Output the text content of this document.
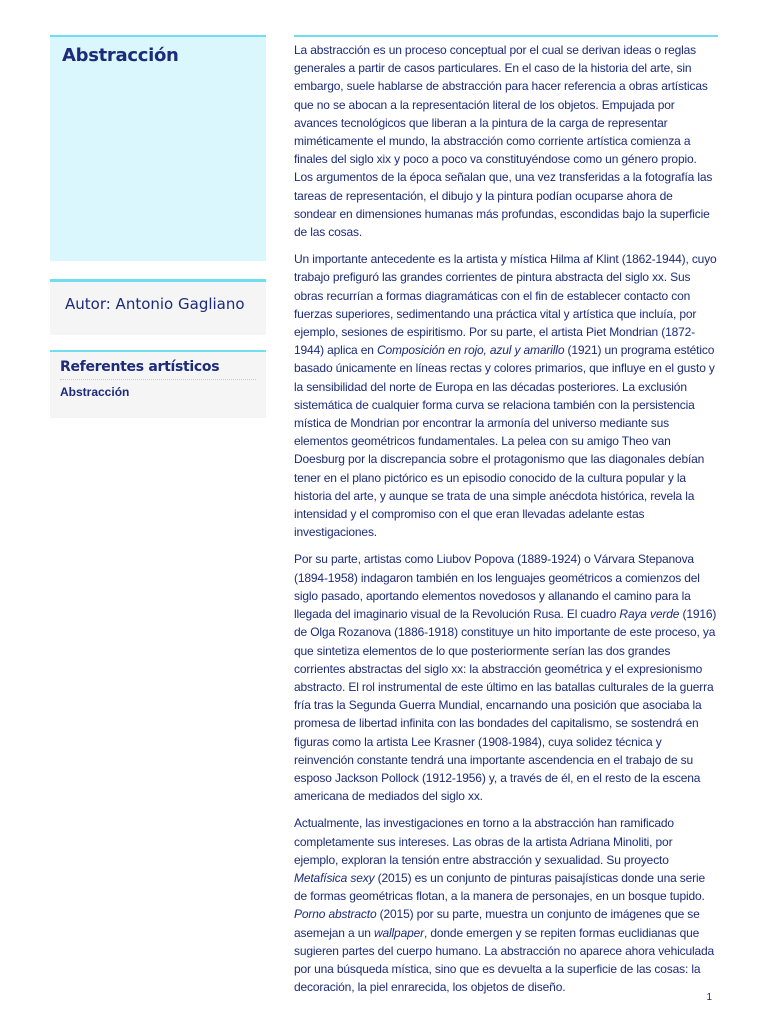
Abstracción
Autor: Antonio Gagliano
Referentes artísticos
Abstracción

La abstracción es un proceso conceptual por el cual se derivan ideas o reglas generales a partir de casos particulares. En el caso de la historia del arte, sin embargo, suele hablarse de abstracción para hacer referencia a obras artísticas que no se abocan a la representación literal de los objetos. Empujada por avances tecnológicos que liberan a la pintura de la carga de representar miméticamente el mundo, la abstracción como corriente artística comienza a finales del siglo xix y poco a poco va constituyéndose como un género propio. Los argumentos de la época señalan que, una vez transferidas a la fotografía las tareas de representación, el dibujo y la pintura podían ocuparse ahora de sondear en dimensiones humanas más profundas, escondidas bajo la superficie de las cosas.

Un importante antecedente es la artista y mística Hilma af Klint (1862-1944), cuyo trabajo prefiguró las grandes corrientes de pintura abstracta del siglo xx. Sus obras recurrían a formas diagramáticas con el fin de establecer contacto con fuerzas superiores, sedimentando una práctica vital y artística que incluía, por ejemplo, sesiones de espiritismo. Por su parte, el artista Piet Mondrian (1872-1944) aplica en Composición en rojo, azul y amarillo (1921) un programa estético basado únicamente en líneas rectas y colores primarios, que influye en el gusto y la sensibilidad del norte de Europa en las décadas posteriores. La exclusión sistemática de cualquier forma curva se relaciona también con la persistencia mística de Mondrian por encontrar la armonía del universo mediante sus elementos geométricos fundamentales. La pelea con su amigo Theo van Doesburg por la discrepancia sobre el protagonismo que las diagonales debían tener en el plano pictórico es un episodio conocido de la cultura popular y la historia del arte, y aunque se trata de una simple anécdota histórica, revela la intensidad y el compromiso con el que eran llevadas adelante estas investigaciones.

Por su parte, artistas como Liubov Popova (1889-1924) o Várvara Stepanova (1894-1958) indagaron también en los lenguajes geométricos a comienzos del siglo pasado, aportando elementos novedosos y allanando el camino para la llegada del imaginario visual de la Revolución Rusa. El cuadro Raya verde (1916) de Olga Rozanova (1886-1918) constituye un hito importante de este proceso, ya que sintetiza elementos de lo que posteriormente serían las dos grandes corrientes abstractas del siglo xx: la abstracción geométrica y el expresionismo abstracto. El rol instrumental de este último en las batallas culturales de la guerra fría tras la Segunda Guerra Mundial, encarnando una posición que asociaba la promesa de libertad infinita con las bondades del capitalismo, se sostendrá en figuras como la artista Lee Krasner (1908-1984), cuya solidez técnica y reinvención constante tendrá una importante ascendencia en el trabajo de su esposo Jackson Pollock (1912-1956) y, a través de él, en el resto de la escena americana de mediados del siglo xx.

Actualmente, las investigaciones en torno a la abstracción han ramificado completamente sus intereses. Las obras de la artista Adriana Minoliti, por ejemplo, exploran la tensión entre abstracción y sexualidad. Su proyecto Metafísica sexy (2015) es un conjunto de pinturas paisajísticas donde una serie de formas geométricas flotan, a la manera de personajes, en un bosque tupido. Porno abstracto (2015) por su parte, muestra un conjunto de imágenes que se asemejan a un wallpaper, donde emergen y se repiten formas euclidianas que sugieren partes del cuerpo humano. La abstracción no aparece ahora vehiculada por una búsqueda mística, sino que es devuelta a la superficie de las cosas: la decoración, la piel enrarecida, los objetos de diseño.

1
